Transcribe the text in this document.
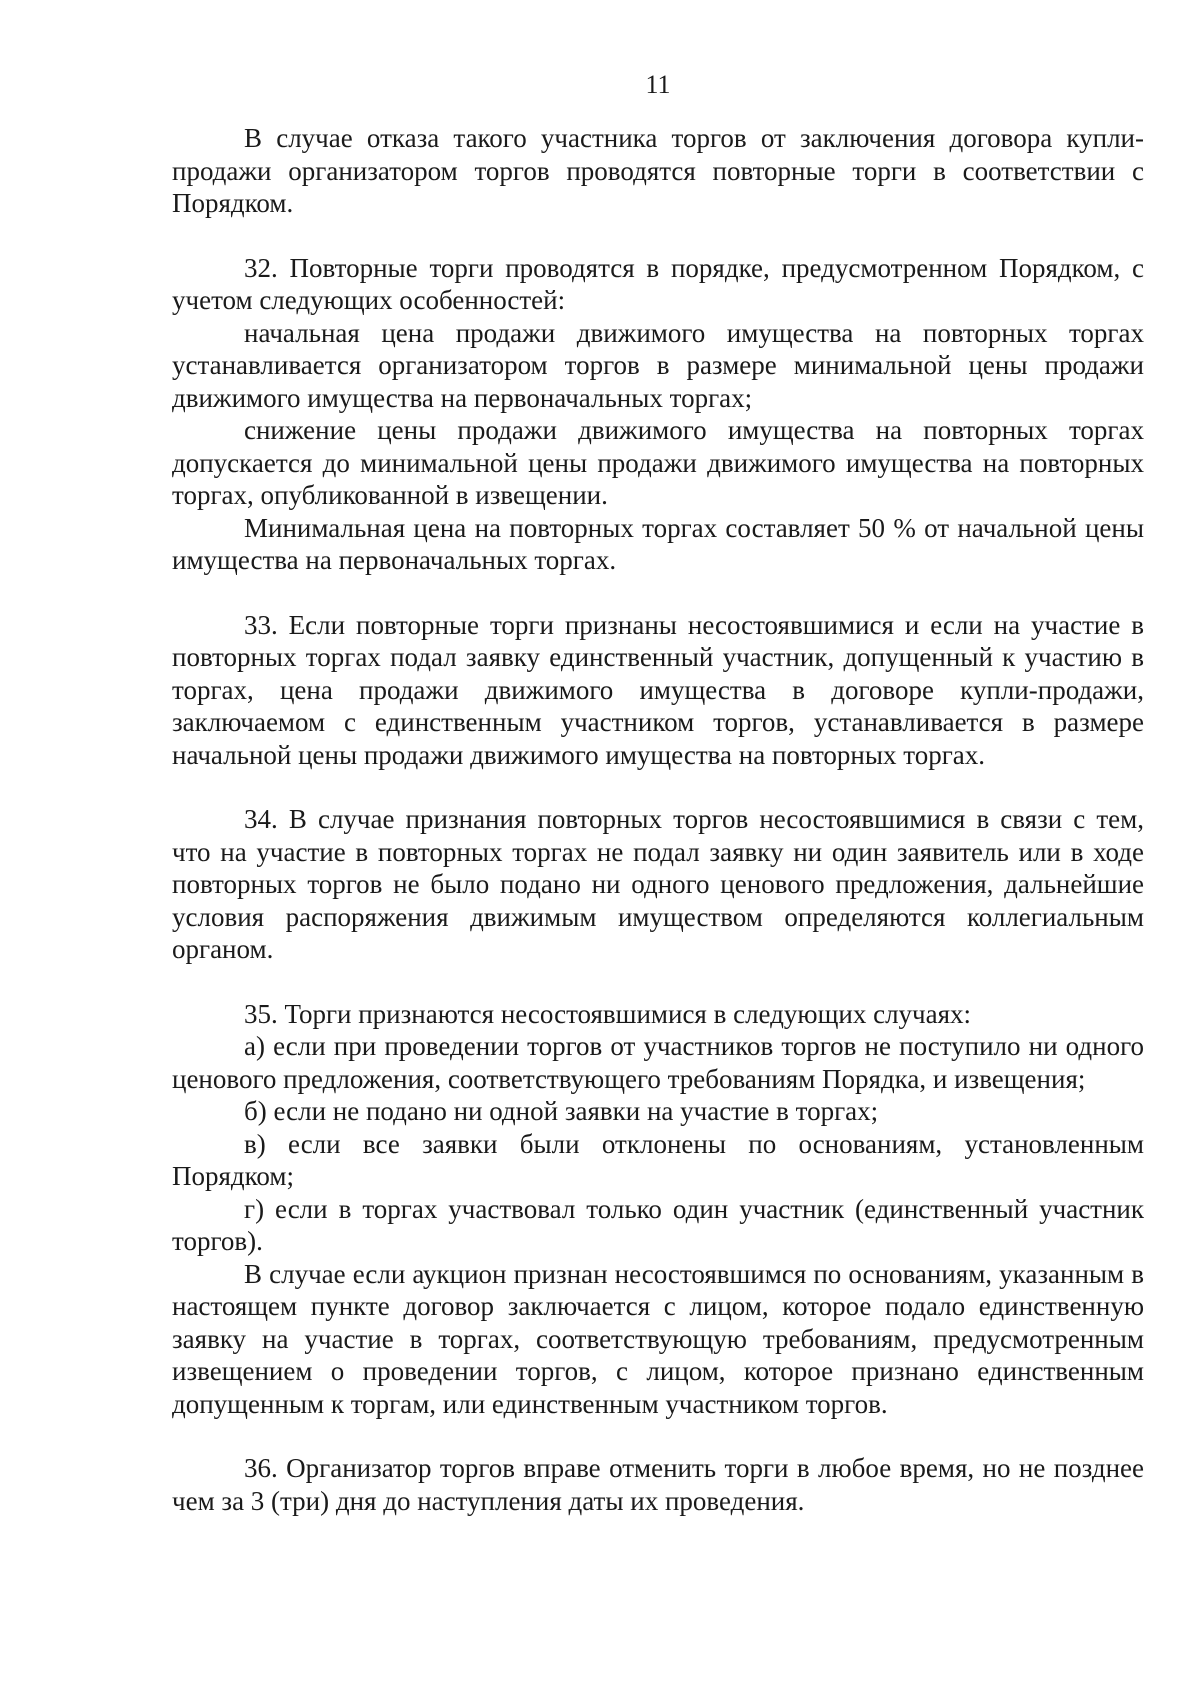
11

В случае отказа такого участника торгов от заключения договора купли-продажи организатором торгов проводятся повторные торги в соответствии с Порядком.

32. Повторные торги проводятся в порядке, предусмотренном Порядком, с учетом следующих особенностей:

начальная цена продажи движимого имущества на повторных торгах устанавливается организатором торгов в размере минимальной цены продажи движимого имущества на первоначальных торгах;

снижение цены продажи движимого имущества на повторных торгах допускается до минимальной цены продажи движимого имущества на повторных торгах, опубликованной в извещении.

Минимальная цена на повторных торгах составляет 50 % от начальной цены имущества на первоначальных торгах.

33. Если повторные торги признаны несостоявшимися и если на участие в повторных торгах подал заявку единственный участник, допущенный к участию в торгах, цена продажи движимого имущества в договоре купли-продажи, заключаемом с единственным участником торгов, устанавливается в размере начальной цены продажи движимого имущества на повторных торгах.

34. В случае признания повторных торгов несостоявшимися в связи с тем, что на участие в повторных торгах не подал заявку ни один заявитель или в ходе повторных торгов не было подано ни одного ценового предложения, дальнейшие условия распоряжения движимым имуществом определяются коллегиальным органом.

35. Торги признаются несостоявшимися в следующих случаях:

а) если при проведении торгов от участников торгов не поступило ни одного ценового предложения, соответствующего требованиям Порядка, и извещения;

б) если не подано ни одной заявки на участие в торгах;

в) если все заявки были отклонены по основаниям, установленным Порядком;

г) если в торгах участвовал только один участник (единственный участник торгов).

В случае если аукцион признан несостоявшимся по основаниям, указанным в настоящем пункте договор заключается с лицом, которое подало единственную заявку на участие в торгах, соответствующую требованиям, предусмотренным извещением о проведении торгов, с лицом, которое признано единственным допущенным к торгам, или единственным участником торгов.

36. Организатор торгов вправе отменить торги в любое время, но не позднее чем за 3 (три) дня до наступления даты их проведения.
